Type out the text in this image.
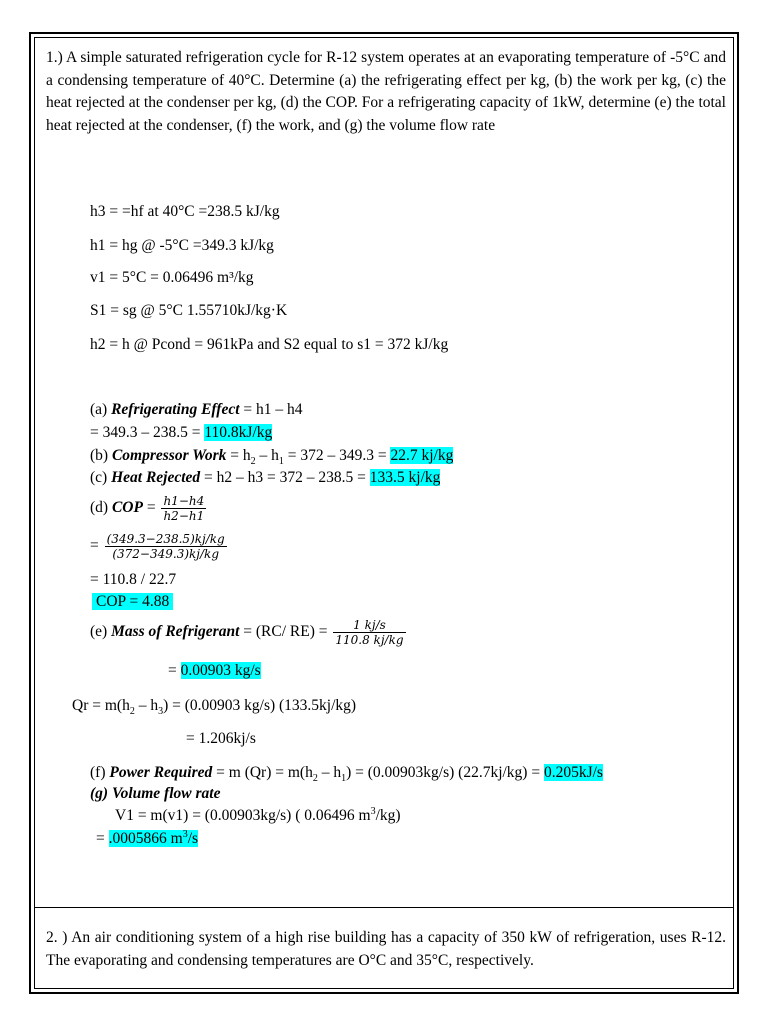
1.) A simple saturated refrigeration cycle for R-12 system operates at an evaporating temperature of -5°C and a condensing temperature of 40°C. Determine (a) the refrigerating effect per kg, (b) the work per kg, (c) the heat rejected at the condenser per kg, (d) the COP. For a refrigerating capacity of 1kW, determine (e) the total heat rejected at the condenser, (f) the work, and (g) the volume flow rate
h3 = =hf at 40°C =238.5 kJ/kg
h1 = hg @ -5°C =349.3 kJ/kg
v1 = 5°C = 0.06496 m³/kg
S1 = sg @ 5°C 1.55710kJ/kg·K
h2 = h @ Pcond = 961kPa and S2 equal to s1 = 372 kJ/kg
(a) Refrigerating Effect = h1 – h4
= 349.3 – 238.5 = 110.8kJ/kg
(b) Compressor Work = $h_2 - h_1 = 372 - 349.3 = 22.7$ kj/kg
(c) Heat Rejected = h2 – h3 = 372 – 238.5 = 133.5 kj/kg
(d) COP = $\frac{h1-h4}{h2-h1}$
= $\frac{(349.3-238.5)kj/kg}{(372-349.3)kj/kg}$
= 110.8 / 22.7
COP = 4.88
(e) Mass of Refrigerant = (RC/ $RE) = \frac{1 kj/s}{110.8 kj/kg}$
= 0.00903 kg/s
$Qr = m(h_2 - h_3) = (0.00903$ kg/s) (133.5kj/kg)
= 1.206kj/s
(f) Power Required = m $(Qr) = m(h_2 - h_1) = (0.00903kg/s) (22.7kj/kg) = 0.205kJ/s$
(g) Volume flow rate
V1 = m(v1) = (0.00903kg/s) ( 0.06496 $m^3/kg$)
= .0005866 $m^3/s$
2. ) An air conditioning system of a high rise building has a capacity of 350 kW of refrigeration, uses R-12. The evaporating and condensing temperatures are O°C and 35°C, respectively.
